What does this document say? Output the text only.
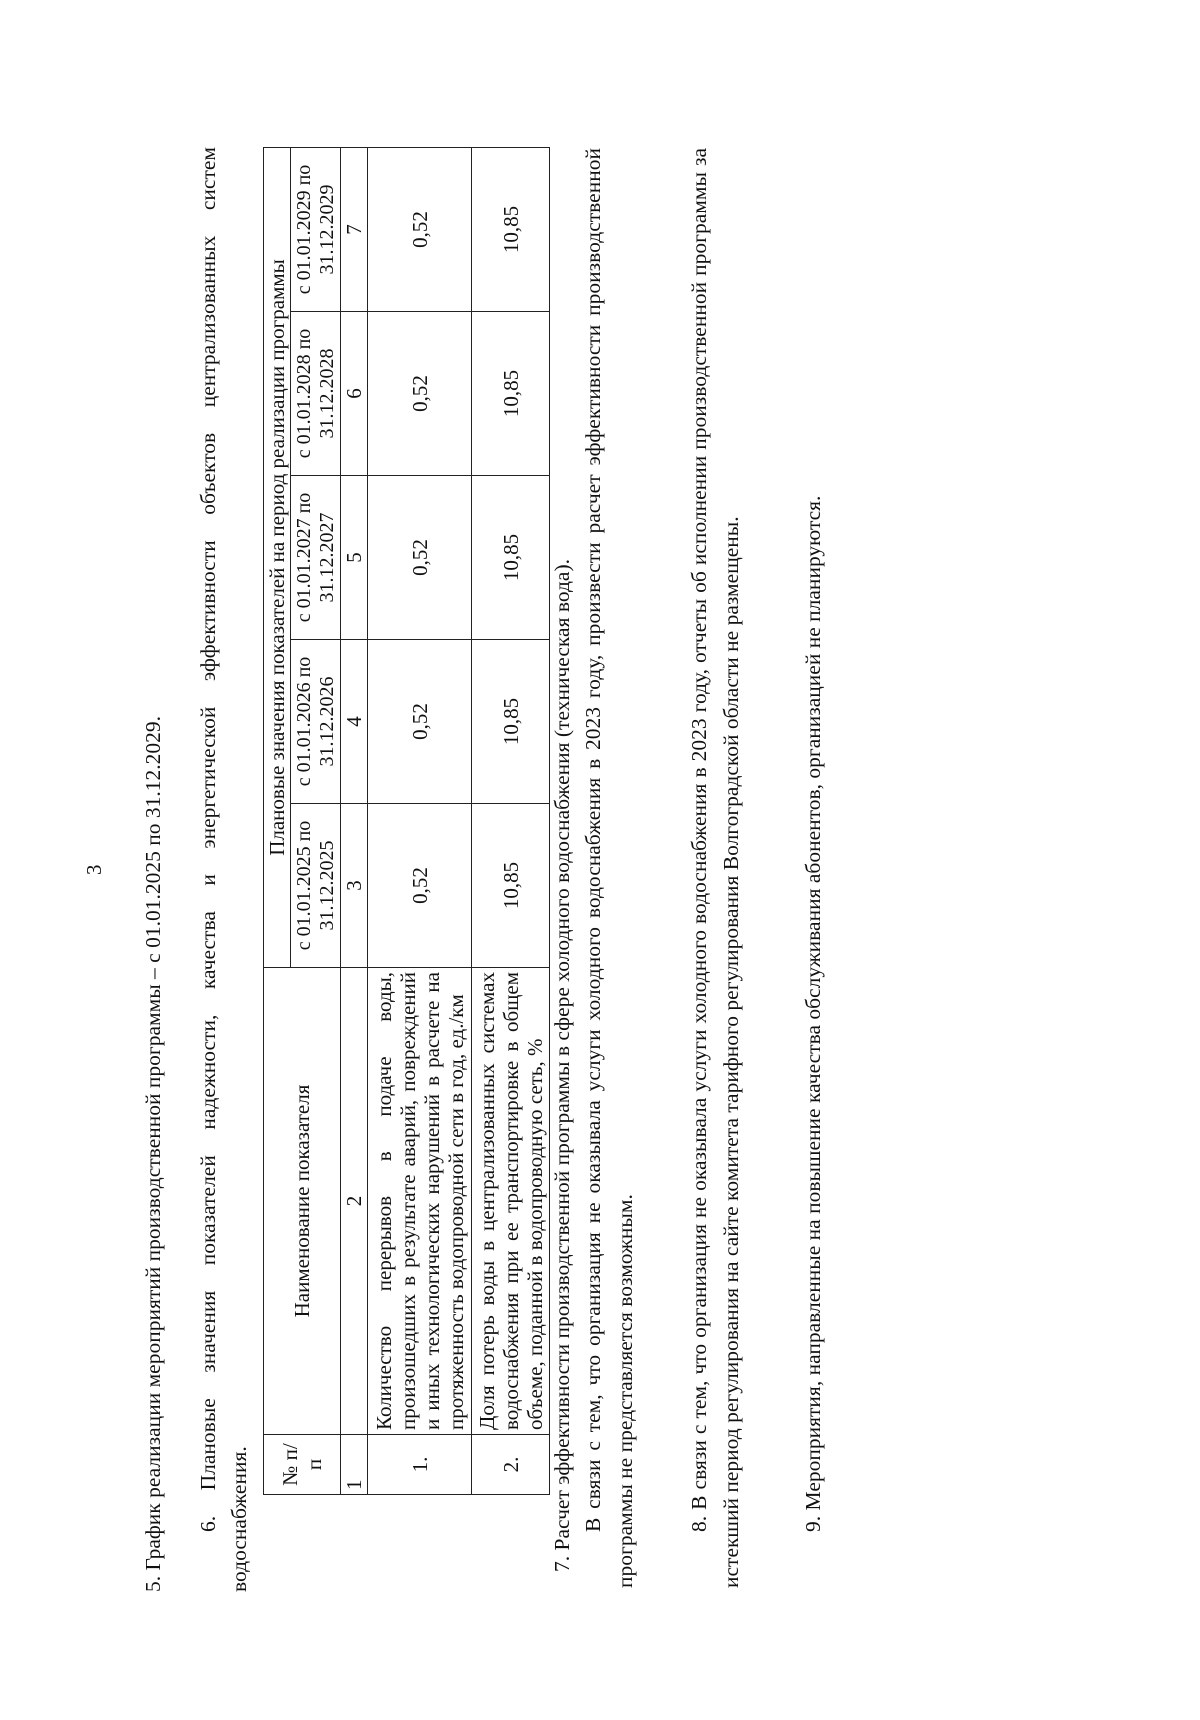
3 5. График реализации мероприятий производственной программы – с 01.01.2025 по 31.12.2029. 6. Плановые значения показателей надежности, качества и энергетической эффективности объектов централизованных систем водоснабжения. № п/п	Наименование показателя	Плановые значения показателей на период реализации программы				
		с 01.01.2025 по 31.12.2025	с 01.01.2026 по 31.12.2026	с 01.01.2027 по 31.12.2027	с 01.01.2028 по 31.12.2028	с 01.01.2029 по 31.12.2029
1	2	3	4	5	6	7
1.	Количество перерывов в подаче воды, произошедших в результате аварий, повреждений и иных технологических нарушений в расчете на протяженность водопроводной сети в год, ед./км	0,52	0,52	0,52	0,52	0,52
2.	Доля потерь воды в централизованных системах водоснабжения при ее транспортировке в общем объеме, поданной в водопроводную сеть, %	10,85	10,85	10,85	10,85	10,85
7. Расчет эффективности производственной программы в сфере холодного водоснабжения (техническая вода). В связи с тем, что организация не оказывала услуги холодного водоснабжения в 2023 году, произвести расчет эффективности производственной программы не представляется возможным. 8. В связи с тем, что организация не оказывала услуги холодного водоснабжения в 2023 году, отчеты об исполнении производственной программы за истекший период регулирования на сайте комитета тарифного регулирования Волгоградской области не размещены.	9. Мероприятия, направленные на повышение качества обслуживания абонентов, организацией не планируются.
